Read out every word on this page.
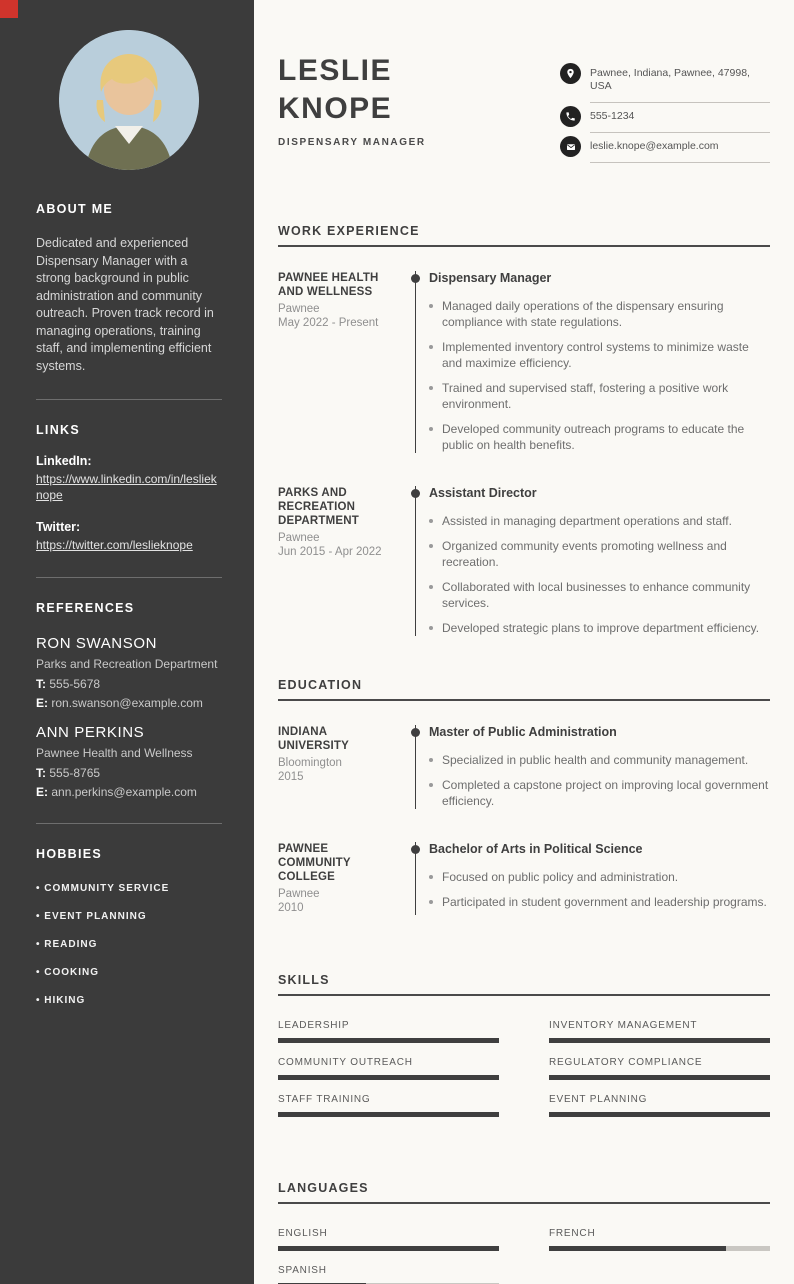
ABOUT ME

Dedicated and experienced Dispensary Manager with a strong background in public administration and community outreach. Proven track record in managing operations, training staff, and implementing efficient systems.

LINKS
LinkedIn:
https://www.linkedin.com/in/leslieknope
Twitter:
https://twitter.com/leslieknope
REFERENCES
RON SWANSON
Parks and Recreation Department
T: 555-5678
E: ron.swanson@example.com
ANN PERKINS
Pawnee Health and Wellness
T: 555-8765
E: ann.perkins@example.com
HOBBIES
• COMMUNITY SERVICE
• EVENT PLANNING
• READING
• COOKING
• HIKING
LESLIE
KNOPE
DISPENSARY MANAGER
Pawnee, Indiana, Pawnee, 47998, USA
555-1234
leslie.knope@example.com
WORK EXPERIENCE
PAWNEE HEALTH AND WELLNESS
Pawnee
May 2022 - Present
Dispensary Manager
Managed daily operations of the dispensary ensuring compliance with state regulations.
Implemented inventory control systems to minimize waste and maximize efficiency.
Trained and supervised staff, fostering a positive work environment.
Developed community outreach programs to educate the public on health benefits.
PARKS AND RECREATION DEPARTMENT
Pawnee
Jun 2015 - Apr 2022
Assistant Director
Assisted in managing department operations and staff.
Organized community events promoting wellness and recreation.
Collaborated with local businesses to enhance community services.
Developed strategic plans to improve department efficiency.
EDUCATION
INDIANA UNIVERSITY
Bloomington
2015
Master of Public Administration
Specialized in public health and community management.
Completed a capstone project on improving local government efficiency.
PAWNEE COMMUNITY COLLEGE
Pawnee
2010
Bachelor of Arts in Political Science
Focused on public policy and administration.
Participated in student government and leadership programs.
SKILLS
LEADERSHIP	INVENTORY MANAGEMENT
COMMUNITY OUTREACH	REGULATORY COMPLIANCE
STAFF TRAINING	EVENT PLANNING
LANGUAGES
ENGLISH	FRENCH
SPANISH
